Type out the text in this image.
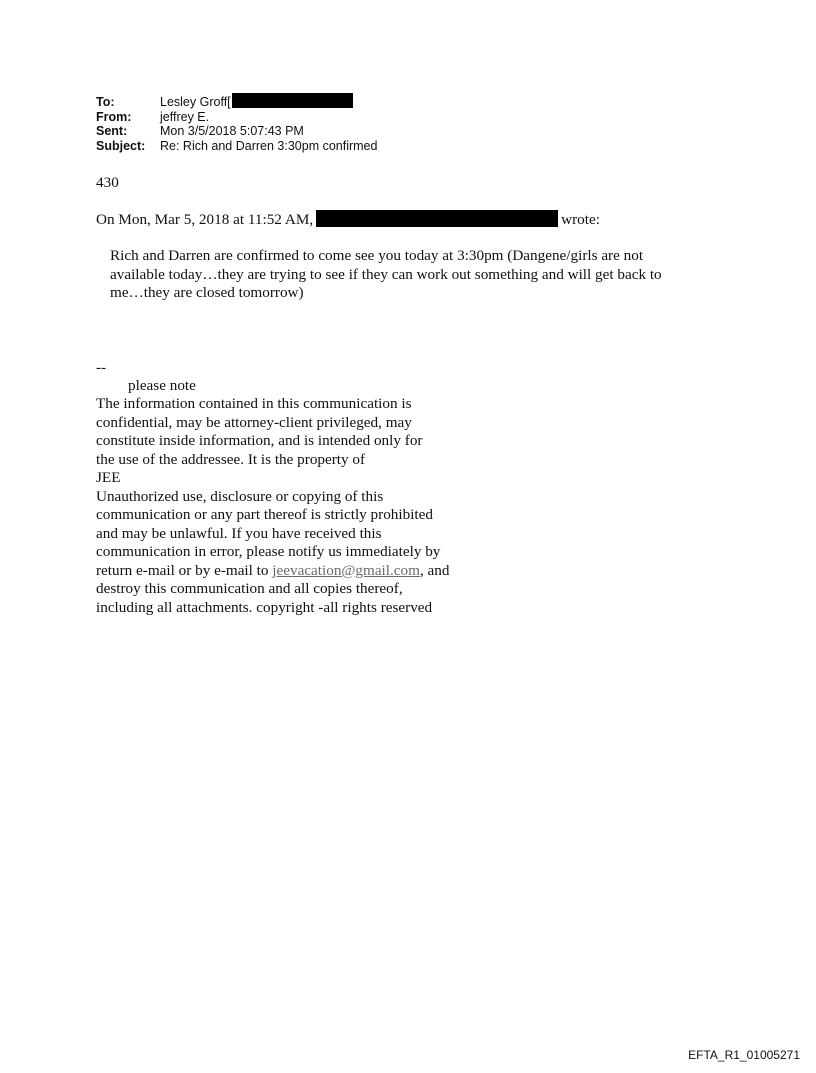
To:	Lesley Groff[
From:	jeffrey E.
Sent:	Mon 3/5/2018 5:07:43 PM
Subject:	Re: Rich and Darren 3:30pm confirmed
430
On Mon, Mar 5, 2018 at 11:52 AM,	wrote:
Rich and Darren are confirmed to come see you today at 3:30pm (Dangene/girls are not
available today…they are trying to see if they can work out something and will get back to
me…they are closed tomorrow)
--
please note
The information contained in this communication is
confidential, may be attorney-client privileged, may
constitute inside information, and is intended only for
the use of the addressee. It is the property of
JEE
Unauthorized use, disclosure or copying of this
communication or any part thereof is strictly prohibited
and may be unlawful. If you have received this
communication in error, please notify us immediately by
return e-mail or by e-mail to jeevacation@gmail.com, and
destroy this communication and all copies thereof,
including all attachments. copyright -all rights reserved
EFTA_R1_01005271
